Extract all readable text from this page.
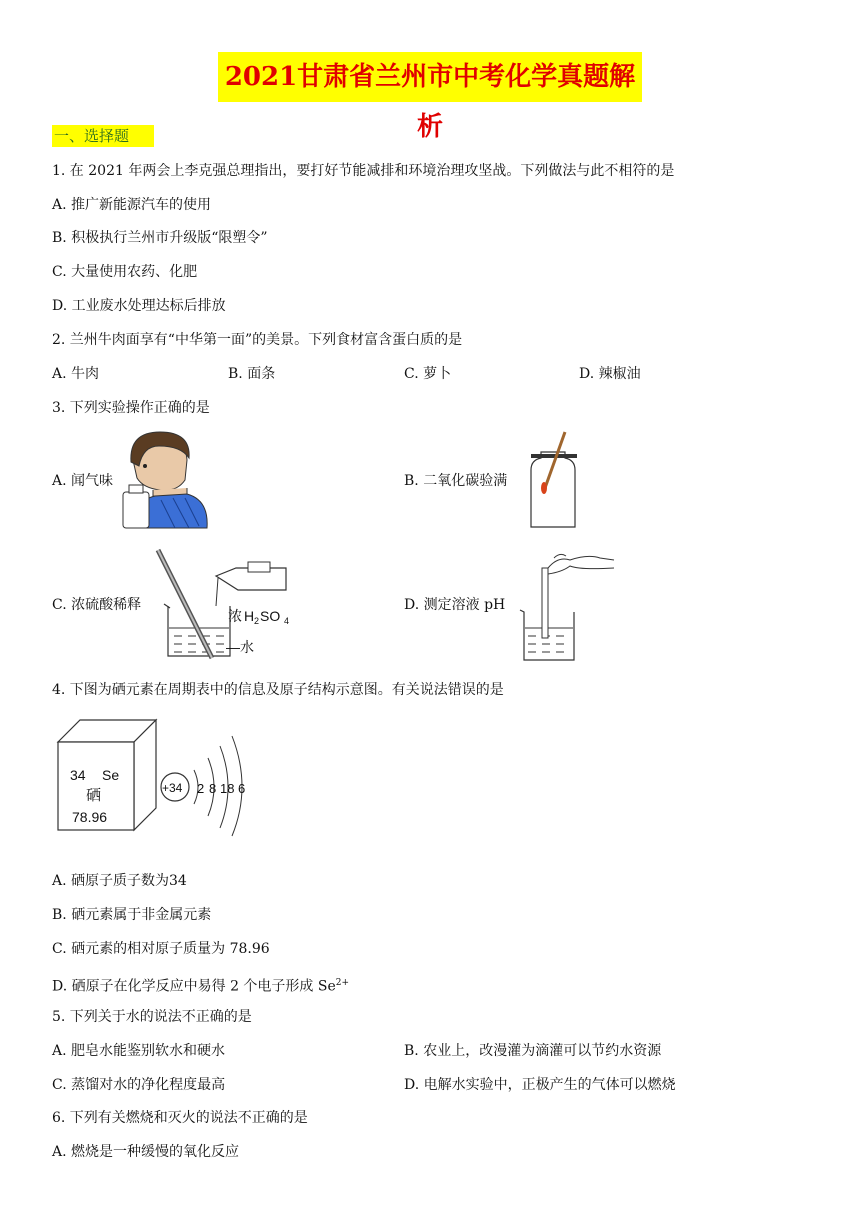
2021甘肃省兰州市中考化学真题解析
一、选择题
1. 在 2021 年两会上李克强总理指出，要打好节能减排和环境治理攻坚战。下列做法与此不相符的是
A. 推广新能源汽车的使用
B. 积极执行兰州市升级版“限塑令”
C. 大量使用农药、化肥
D. 工业废水处理达标后排放
2. 兰州牛肉面享有“中华第一面”的美景。下列食材富含蛋白质的是
A. 牛肉	B. 面条	C. 萝卜	D. 辣椒油
3. 下列实验操作正确的是
A. 闻气味	B. 二氧化碳验满
C. 浓硫酸稀释	D. 测定溶液 pH
浓 H 2 SO 4
—水
4. 下图为硒元素在周期表中的信息及原子结构示意图。有关说法错误的是
34 Se
硒
78.96
+34 2 8 18 6
A. 硒原子质子数为34
B. 硒元素属于非金属元素
C. 硒元素的相对原子质量为 78.96
D. 硒原子在化学反应中易得 2 个电子形成 $Se^{2+}$
5. 下列关于水的说法不正确的是
A. 肥皂水能鉴别软水和硬水	B. 农业上，改漫灌为滴灌可以节约水资源
C. 蒸馏对水的净化程度最高	D. 电解水实验中，正极产生的气体可以燃烧
6. 下列有关燃烧和灭火的说法不正确的是
A. 燃烧是一种缓慢的氧化反应
